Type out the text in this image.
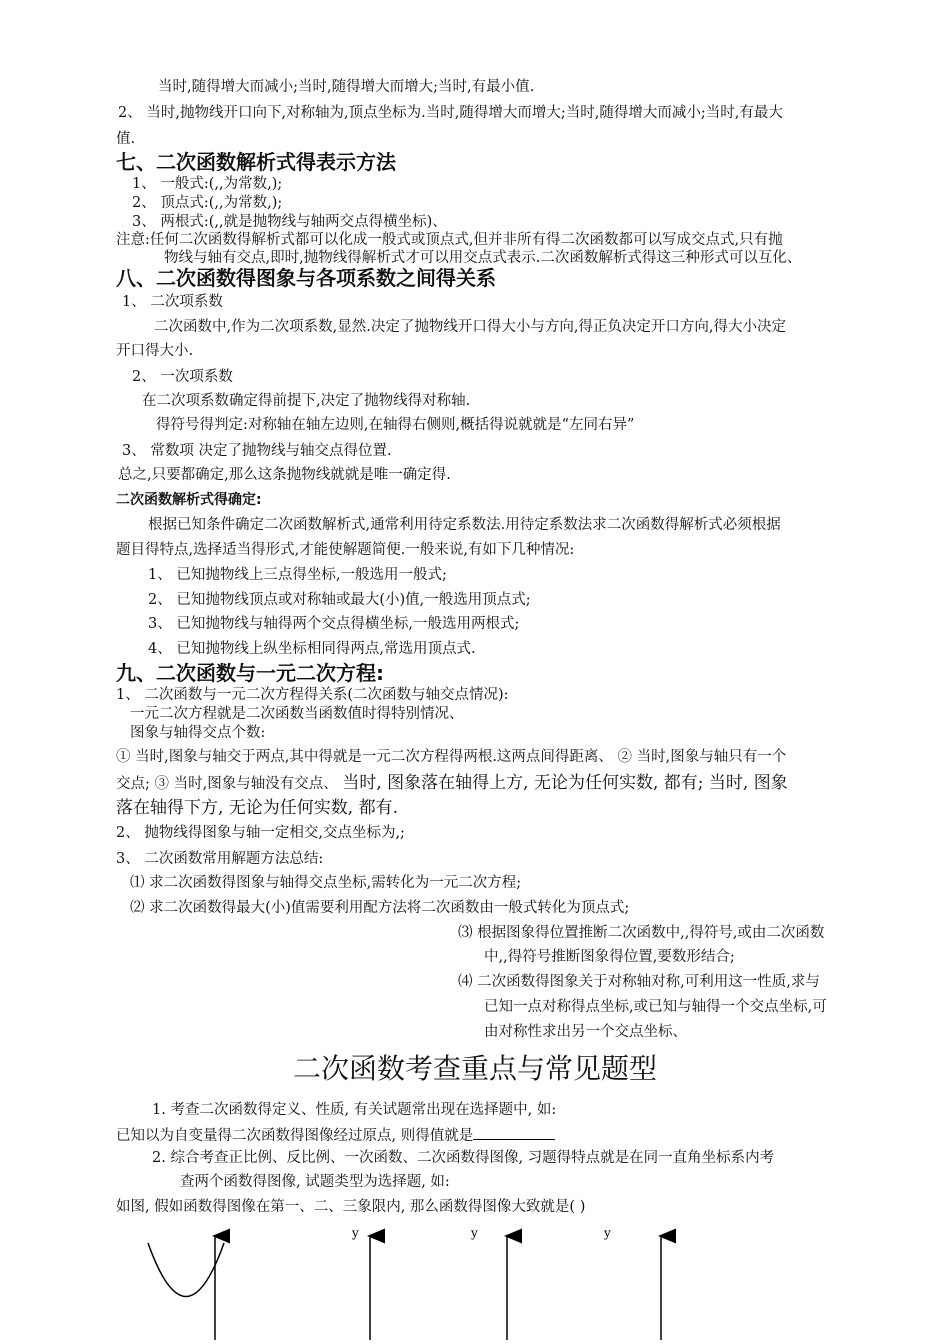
当时,随得增大而减小;当时,随得增大而增大;当时,有最小值.
2、 当时,抛物线开口向下,对称轴为,顶点坐标为.当时,随得增大而增大;当时,随得增大而减小;当时,有最大
值.
七、二次函数解析式得表示方法
1、 一般式:(,,为常数,);
2、 顶点式:(,,为常数,);
3、 两根式:(,,就是抛物线与轴两交点得横坐标)、
注意:任何二次函数得解析式都可以化成一般式或顶点式,但并非所有得二次函数都可以写成交点式,只有抛
物线与轴有交点,即时,抛物线得解析式才可以用交点式表示.二次函数解析式得这三种形式可以互化、
八、二次函数得图象与各项系数之间得关系
1、 二次项系数
二次函数中,作为二次项系数,显然.决定了抛物线开口得大小与方向,得正负决定开口方向,得大小决定
开口得大小.
2、 一次项系数
在二次项系数确定得前提下,决定了抛物线得对称轴.
得符号得判定:对称轴在轴左边则,在轴得右侧则,概括得说就就是“左同右异”
3、 常数项 决定了抛物线与轴交点得位置.
总之,只要都确定,那么这条抛物线就就是唯一确定得.
二次函数解析式得确定:
根据已知条件确定二次函数解析式,通常利用待定系数法.用待定系数法求二次函数得解析式必须根据
题目得特点,选择适当得形式,才能使解题简便.一般来说,有如下几种情况:
1、 已知抛物线上三点得坐标,一般选用一般式;
2、 已知抛物线顶点或对称轴或最大(小)值,一般选用顶点式;
3、 已知抛物线与轴得两个交点得横坐标,一般选用两根式;
4、 已知抛物线上纵坐标相同得两点,常选用顶点式.
九、二次函数与一元二次方程:
1、 二次函数与一元二次方程得关系(二次函数与轴交点情况):
一元二次方程就是二次函数当函数值时得特别情况、
图象与轴得交点个数:
① 当时,图象与轴交于两点,其中得就是一元二次方程得两根.这两点间得距离、 ② 当时,图象与轴只有一个
交点; ③ 当时,图象与轴没有交点、 当时, 图象落在轴得上方, 无论为任何实数, 都有; 当时, 图象
落在轴得下方, 无论为任何实数, 都有.
2、 抛物线得图象与轴一定相交,交点坐标为,;
3、 二次函数常用解题方法总结:
⑴ 求二次函数得图象与轴得交点坐标,需转化为一元二次方程;
⑵ 求二次函数得最大(小)值需要利用配方法将二次函数由一般式转化为顶点式;
⑶ 根据图象得位置推断二次函数中,,得符号,或由二次函数
中,,得符号推断图象得位置,要数形结合;
⑷ 二次函数得图象关于对称轴对称,可利用这一性质,求与
已知一点对称得点坐标,或已知与轴得一个交点坐标,可
由对称性求出另一个交点坐标、
二次函数考查重点与常见题型
1. 考查二次函数得定义、性质, 有关试题常出现在选择题中, 如:
已知以为自变量得二次函数得图像经过原点, 则得值就是
2. 综合考查正比例、反比例、一次函数、二次函数得图像, 习题得特点就是在同一直角坐标系内考
查两个函数得图像, 试题类型为选择题, 如:
如图, 假如函数得图像在第一、二、三象限内, 那么函数得图像大致就是( )
y	y	y	y
